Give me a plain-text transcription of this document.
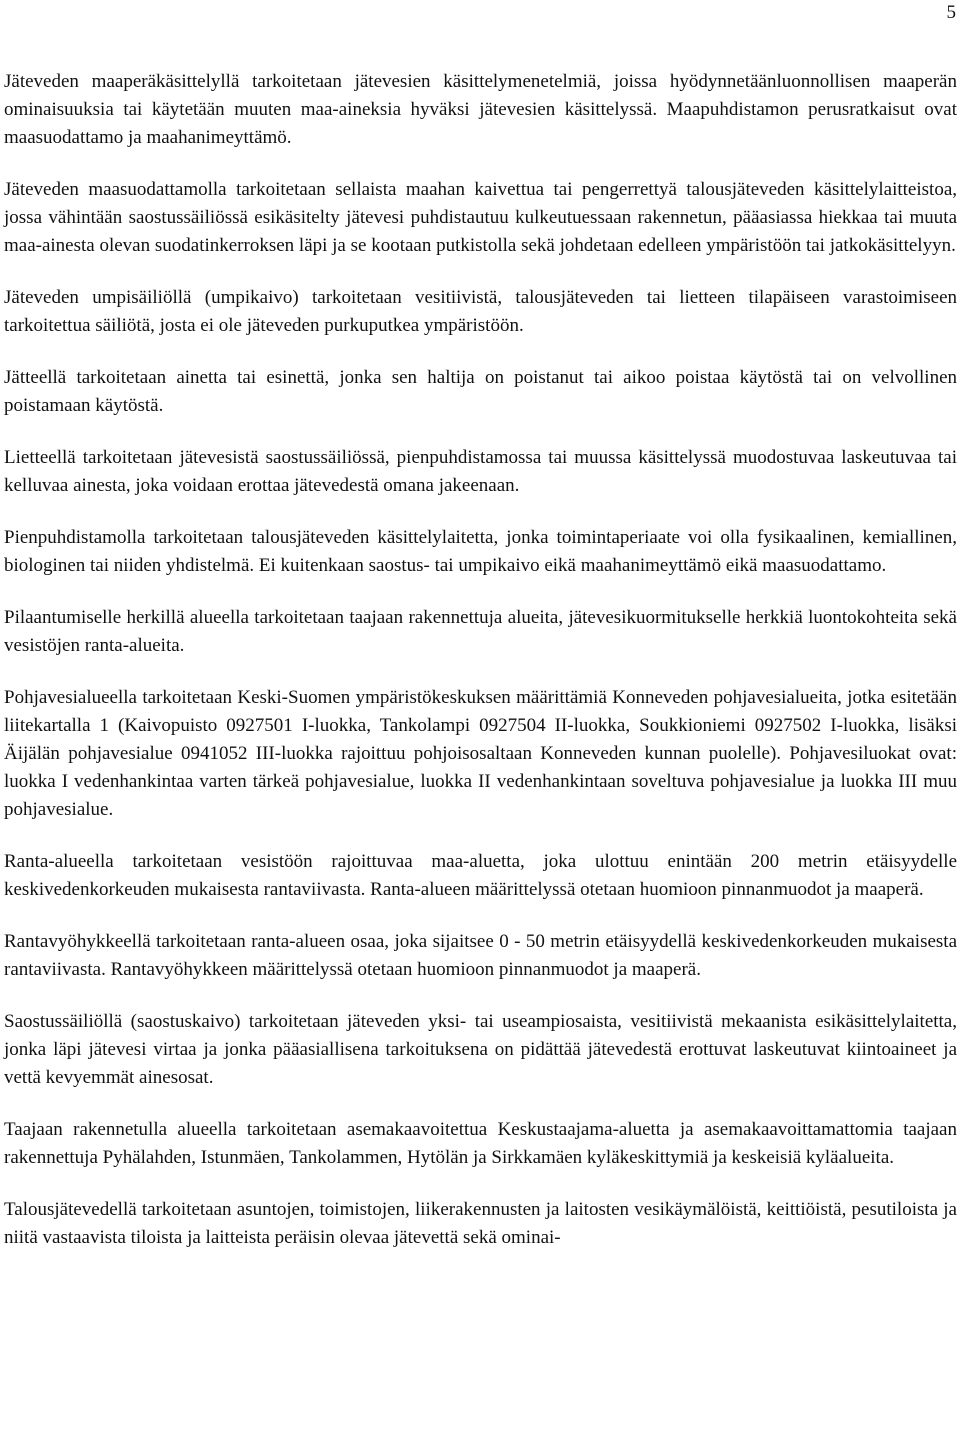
5

Jäteveden maaperäkäsittelyllä tarkoitetaan jätevesien käsittelymenetelmiä, joissa hyödynnetäänluonnollisen maaperän ominaisuuksia tai käytetään muuten maa-aineksia hyväksi jätevesien käsittelyssä. Maapuhdistamon perusratkaisut ovat maasuodattamo ja maahanimeyttämö.

Jäteveden maasuodattamolla tarkoitetaan sellaista maahan kaivettua tai pengerrettyä talousjäteveden käsittelylaitteistoa, jossa vähintään saostussäiliössä esikäsitelty jätevesi puhdistautuu kulkeutuessaan rakennetun, pääasiassa hiekkaa tai muuta maa-ainesta olevan suodatinkerroksen läpi ja se kootaan putkistolla sekä johdetaan edelleen ympäristöön tai jatkokäsittelyyn.

Jäteveden umpisäiliöllä (umpikaivo) tarkoitetaan vesitiivistä, talousjäteveden tai lietteen tilapäiseen varastoimiseen tarkoitettua säiliötä, josta ei ole jäteveden purkuputkea ympäristöön.

Jätteellä tarkoitetaan ainetta tai esinettä, jonka sen haltija on poistanut tai aikoo poistaa käytöstä tai on velvollinen poistamaan käytöstä.

Lietteellä tarkoitetaan jätevesistä saostussäiliössä, pienpuhdistamossa tai muussa käsittelyssä muodostuvaa laskeutuvaa tai kelluvaa ainesta, joka voidaan erottaa jätevedestä omana jakeenaan.

Pienpuhdistamolla tarkoitetaan talousjäteveden käsittelylaitetta, jonka toimintaperiaate voi olla fysikaalinen, kemiallinen, biologinen tai niiden yhdistelmä. Ei kuitenkaan saostus- tai umpikaivo eikä maahanimeyttämö eikä maasuodattamo.

Pilaantumiselle herkillä alueella tarkoitetaan taajaan rakennettuja alueita, jätevesikuormitukselle herkkiä luontokohteita sekä vesistöjen ranta-alueita.

Pohjavesialueella tarkoitetaan Keski-Suomen ympäristökeskuksen määrittämiä Konneveden pohjavesialueita, jotka esitetään liitekartalla 1 (Kaivopuisto 0927501 I-luokka, Tankolampi 0927504 II-luokka, Soukkioniemi 0927502 I-luokka, lisäksi Äijälän pohjavesialue 0941052 III-luokka rajoittuu pohjoisosaltaan Konneveden kunnan puolelle). Pohjavesiluokat ovat: luokka I vedenhankintaa varten tärkeä pohjavesialue, luokka II vedenhankintaan soveltuva pohjavesialue ja luokka III muu pohjavesialue.

Ranta-alueella tarkoitetaan vesistöön rajoittuvaa maa-aluetta, joka ulottuu enintään 200 metrin etäisyydelle keskivedenkorkeuden mukaisesta rantaviivasta. Ranta-alueen määrittelyssä otetaan huomioon pinnanmuodot ja maaperä.

Rantavyöhykkeellä tarkoitetaan ranta-alueen osaa, joka sijaitsee 0 - 50 metrin etäisyydellä keskivedenkorkeuden mukaisesta rantaviivasta. Rantavyöhykkeen määrittelyssä otetaan huomioon pinnanmuodot ja maaperä.

Saostussäiliöllä (saostuskaivo) tarkoitetaan jäteveden yksi- tai useampiosaista, vesitiivistä mekaanista esikäsittelylaitetta, jonka läpi jätevesi virtaa ja jonka pääasiallisena tarkoituksena on pidättää jätevedestä erottuvat laskeutuvat kiintoaineet ja vettä kevyemmät ainesosat.

Taajaan rakennetulla alueella tarkoitetaan asemakaavoitettua Keskustaajama-aluetta ja asemakaavoittamattomia taajaan rakennettuja Pyhälahden, Istunmäen, Tankolammen, Hytölän ja Sirkkamäen kyläkeskittymiä ja keskeisiä kyläalueita.

Talousjätevedellä tarkoitetaan asuntojen, toimistojen, liikerakennusten ja laitosten vesikäymälöistä, keittiöistä, pesutiloista ja niitä vastaavista tiloista ja laitteista peräisin olevaa jätevettä sekä ominai-
